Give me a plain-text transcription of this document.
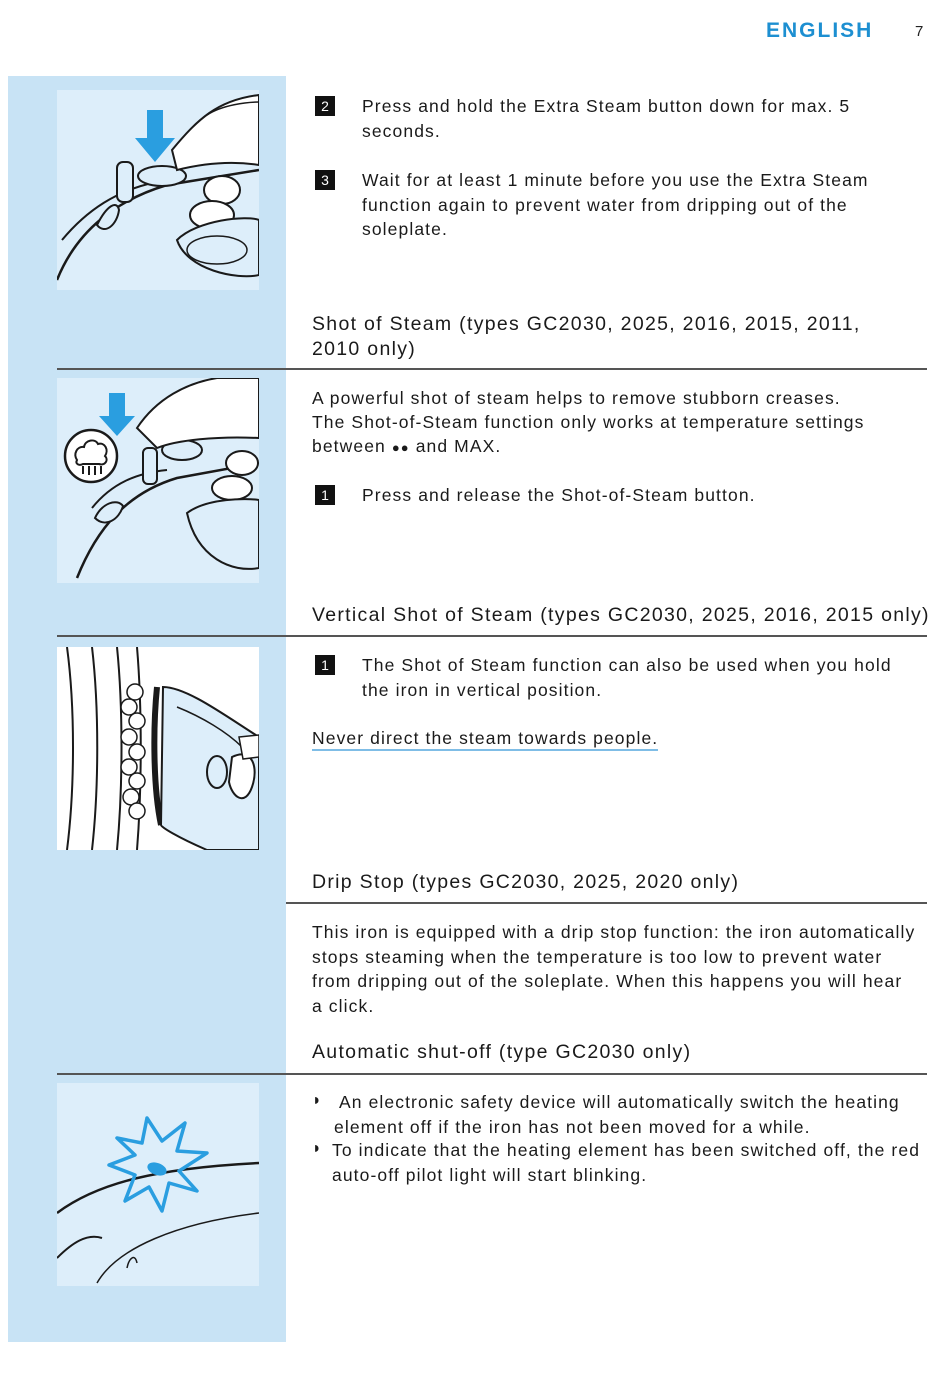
ENGLISH	7
2	Press and hold the Extra Steam button down for max. 5 seconds.

3	Wait for at least 1 minute before you use the Extra Steam function again to prevent water from dripping out of the soleplate.

Shot of Steam (types GC2030, 2025, 2016, 2015, 2011, 2010 only)

A powerful shot of steam helps to remove stubborn creases.

The Shot-of-Steam function only works at temperature settings

between ●● and MAX.

1	Press and release the Shot-of-Steam button.

Vertical Shot of Steam (types GC2030, 2025, 2016, 2015 only)
1	The Shot of Steam function can also be used when you hold the iron in vertical position.

Never direct the steam towards people.

Drip Stop (types GC2030, 2025, 2020 only)

This iron is equipped with a drip stop function: the iron automatically stops steaming when the temperature is too low to prevent water from dripping out of the soleplate. When this happens you will hear a click.

Automatic shut-off (type GC2030 only)
◗ An electronic safety device will automatically switch the heating element off if the iron has not been moved for a while.

◗ To indicate that the heating element has been switched off, the red auto-off pilot light will start blinking.
